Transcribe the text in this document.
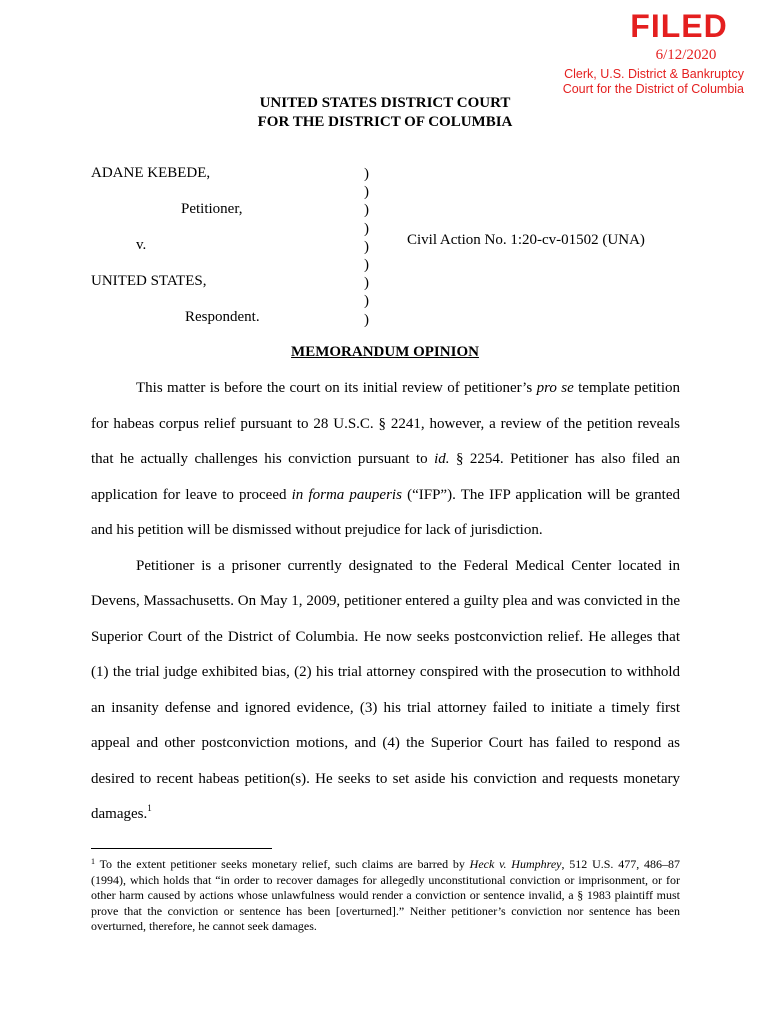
FILED
6/12/2020
Clerk, U.S. District & Bankruptcy
Court for the District of Columbia
UNITED STATES DISTRICT COURT
FOR THE DISTRICT OF COLUMBIA
ADANE KEBEDE,
Petitioner,
v.
UNITED STATES,
Respondent.
)
)
)
)
)
)
)
)
)
Civil Action No. 1:20-cv-01502 (UNA)
MEMORANDUM OPINION

This matter is before the court on its initial review of petitioner’s pro se template petition for habeas corpus relief pursuant to 28 U.S.C. § 2241, however, a review of the petition reveals that he actually challenges his conviction pursuant to id. § 2254. Petitioner has also filed an application for leave to proceed in forma pauperis (“IFP”). The IFP application will be granted and his petition will be dismissed without prejudice for lack of jurisdiction.

Petitioner is a prisoner currently designated to the Federal Medical Center located in Devens, Massachusetts. On May 1, 2009, petitioner entered a guilty plea and was convicted in the Superior Court of the District of Columbia. He now seeks postconviction relief. He alleges that (1) the trial judge exhibited bias, (2) his trial attorney conspired with the prosecution to withhold an insanity defense and ignored evidence, (3) his trial attorney failed to initiate a timely first appeal and other postconviction motions, and (4) the Superior Court has failed to respond as desired to recent habeas petition(s). He seeks to set aside his conviction and requests monetary damages.$^1$

$^1$ To the extent petitioner seeks monetary relief, such claims are barred by Heck v. Humphrey, 512 U.S. 477, 486–87 (1994), which holds that “in order to recover damages for allegedly unconstitutional conviction or imprisonment, or for other harm caused by actions whose unlawfulness would render a conviction or sentence invalid, a § 1983 plaintiff must prove that the conviction or sentence has been [overturned].” Neither petitioner’s conviction nor sentence has been overturned, therefore, he cannot seek damages.
